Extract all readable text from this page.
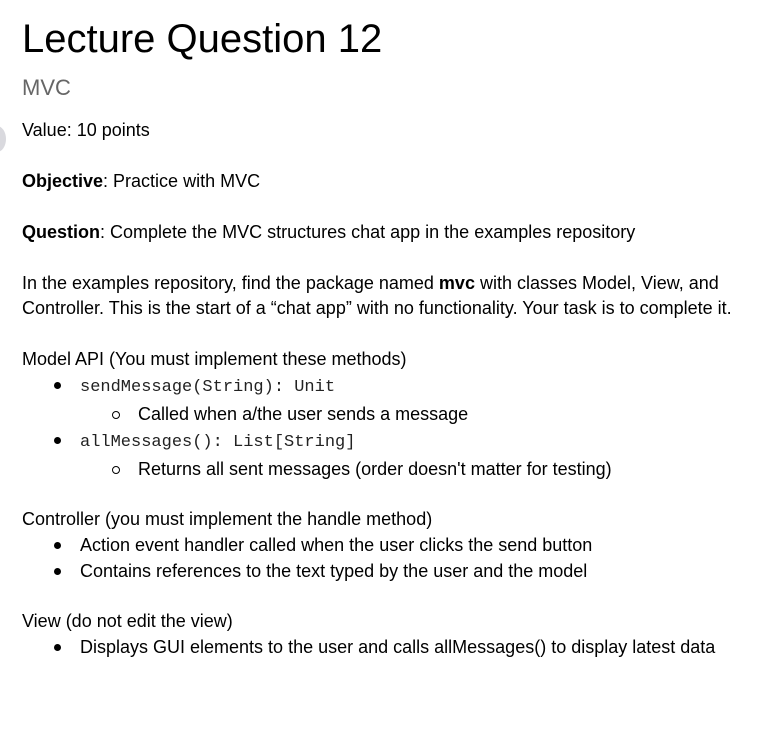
Lecture Question 12
MVC

Value: 10 points

Objective: Practice with MVC

Question: Complete the MVC structures chat app in the examples repository

In the examples repository, find the package named mvc with classes Model, View, and Controller. This is the start of a “chat app” with no functionality. Your task is to complete it.

Model API (You must implement these methods)

sendMessage(String): Unit
Called when a/the user sends a message
allMessages(): List[String]
Returns all sent messages (order doesn't matter for testing)

Controller (you must implement the handle method)

Action event handler called when the user clicks the send button
Contains references to the text typed by the user and the model

View (do not edit the view)

Displays GUI elements to the user and calls allMessages() to display latest data
